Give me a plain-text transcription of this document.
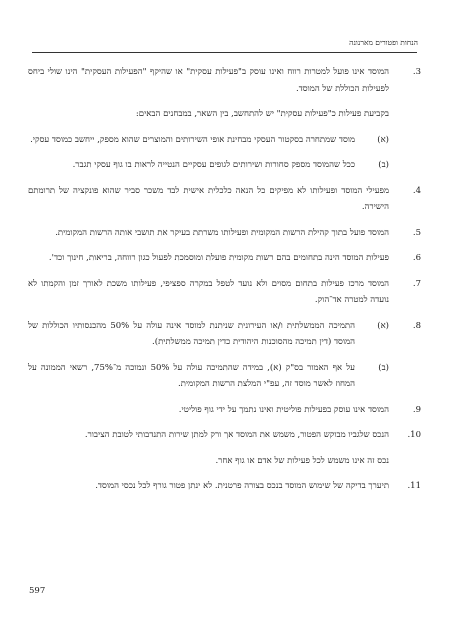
הנחות ופטורים מארנונה
3.
המוסד אינו פועל למטרות רווח ואינו עוסק ב"פעילות עסקית" או שהיקף "הפעילות העסקית" הינו שולי ביחס לפעילות הכוללת של המוסד.
בקביעת פעילות כ"פעילות עסקית" יש להתחשב, בין השאר, במבחנים הבאים:
(א)
מוסד שמתחרה בסקטור העסקי מבחינת אופי השירותים והמוצרים שהוא מספק, ייחשב כמוסד עסקי.
(ב)
ככל שהמוסד מספק סחורות ושירותים לגופים עסקיים הנטייה לראות בו גוף עסקי תגבר.
4.
מפעילי המוסד ופעילותו לא מפיקים כל הנאה כלכלית אישית לבד משכר סביר שהוא פונקציה של תרומתם הישירה.
5.
המוסד פועל בתוך קהילת הרשות המקומית ופעילותו משרתת בעיקר את תושבי אותה הרשות המקומית.
6.
פעילות המוסד הינה בתחומים בהם רשות מקומית פועלת ומוסמכת לפעול כגון רווחה, בריאות, חינוך וכד'.
7.
המוסד מרכז פעילות בתחום מסוים ולא נועד לטפל במקרה ספציפי, פעילותו משכת לאורך זמן והקמתו לא נועדה למטרה אד־הוק.
8.
(א)
התמיכה הממשלתית ו/או העירונית שניתנת למוסד אינה עולה על 50% מהכנסותיו הכוללות של המוסד (דין תמיכה מהסוכנות היהודית כדין תמיכה ממשלתית).
(ב)
על אף האמור בס"ק (א), במידה שהתמיכה עולה על 50% ונמוכה מ־75%, רשאי הממונה על המחוז לאשר מוסד זה, עפ"י המלצת הרשות המקומית.
9.
המוסד אינו עוסק בפעילות פוליטית ואינו נתמך על ידי גוף פוליטי.
10.
הנכס שלגביו מבוקש הפטור, משמש את המוסד אך ורק למתן שירות התנדבותי לטובת הציבור.
נכס זה אינו משמש לכל פעילות של אדם או גוף אחר.
11.
תיערך בדיקה של שימוש המוסד בנכס בצורה פרטנית. לא ינתן פטור גורף לכל נכסי המוסד.
597
